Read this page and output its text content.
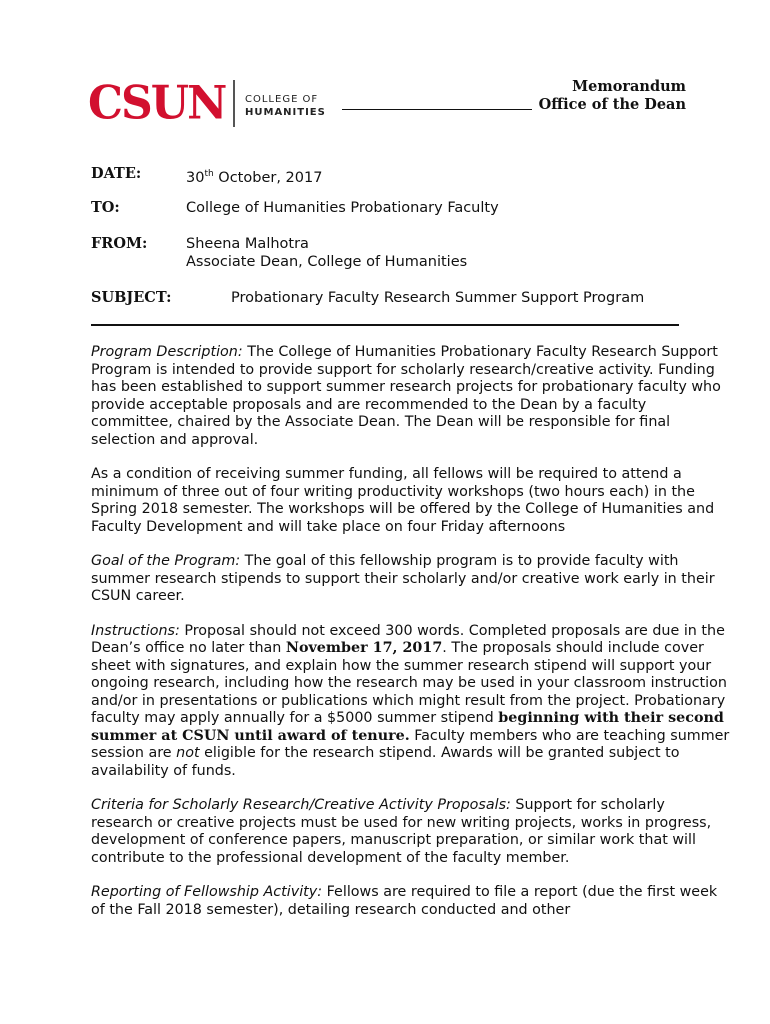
CSUN COLLEGE OF
HUMANITIES
Memorandum
Office of the Dean
DATE:	30th October, 2017
TO:	College of Humanities Probationary Faculty
FROM:	Sheena Malhotra
Associate Dean, College of Humanities
SUBJECT:	Probationary Faculty Research Summer Support Program

Program Description: The College of Humanities Probationary Faculty Research Support Program is intended to provide support for scholarly research/creative activity. Funding has been established to support summer research projects for probationary faculty who provide acceptable proposals and are recommended to the Dean by a faculty committee, chaired by the Associate Dean. The Dean will be responsible for final selection and approval.

As a condition of receiving summer funding, all fellows will be required to attend a minimum of three out of four writing productivity workshops (two hours each) in the Spring 2018 semester. The workshops will be offered by the College of Humanities and Faculty Development and will take place on four Friday afternoons

Goal of the Program: The goal of this fellowship program is to provide faculty with summer research stipends to support their scholarly and/or creative work early in their CSUN career.

Instructions: Proposal should not exceed 300 words. Completed proposals are due in the Dean’s office no later than November 17, 2017. The proposals should include cover sheet with signatures, and explain how the summer research stipend will support your ongoing research, including how the research may be used in your classroom instruction and/or in presentations or publications which might result from the project. Probationary faculty may apply annually for a $5000 summer stipend beginning with their second summer at CSUN until award of tenure. Faculty members who are teaching summer session are not eligible for the research stipend. Awards will be granted subject to availability of funds.

Criteria for Scholarly Research/Creative Activity Proposals: Support for scholarly research or creative projects must be used for new writing projects, works in progress, development of conference papers, manuscript preparation, or similar work that will contribute to the professional development of the faculty member.

Reporting of Fellowship Activity: Fellows are required to file a report (due the first week of the Fall 2018 semester), detailing research conducted and other
